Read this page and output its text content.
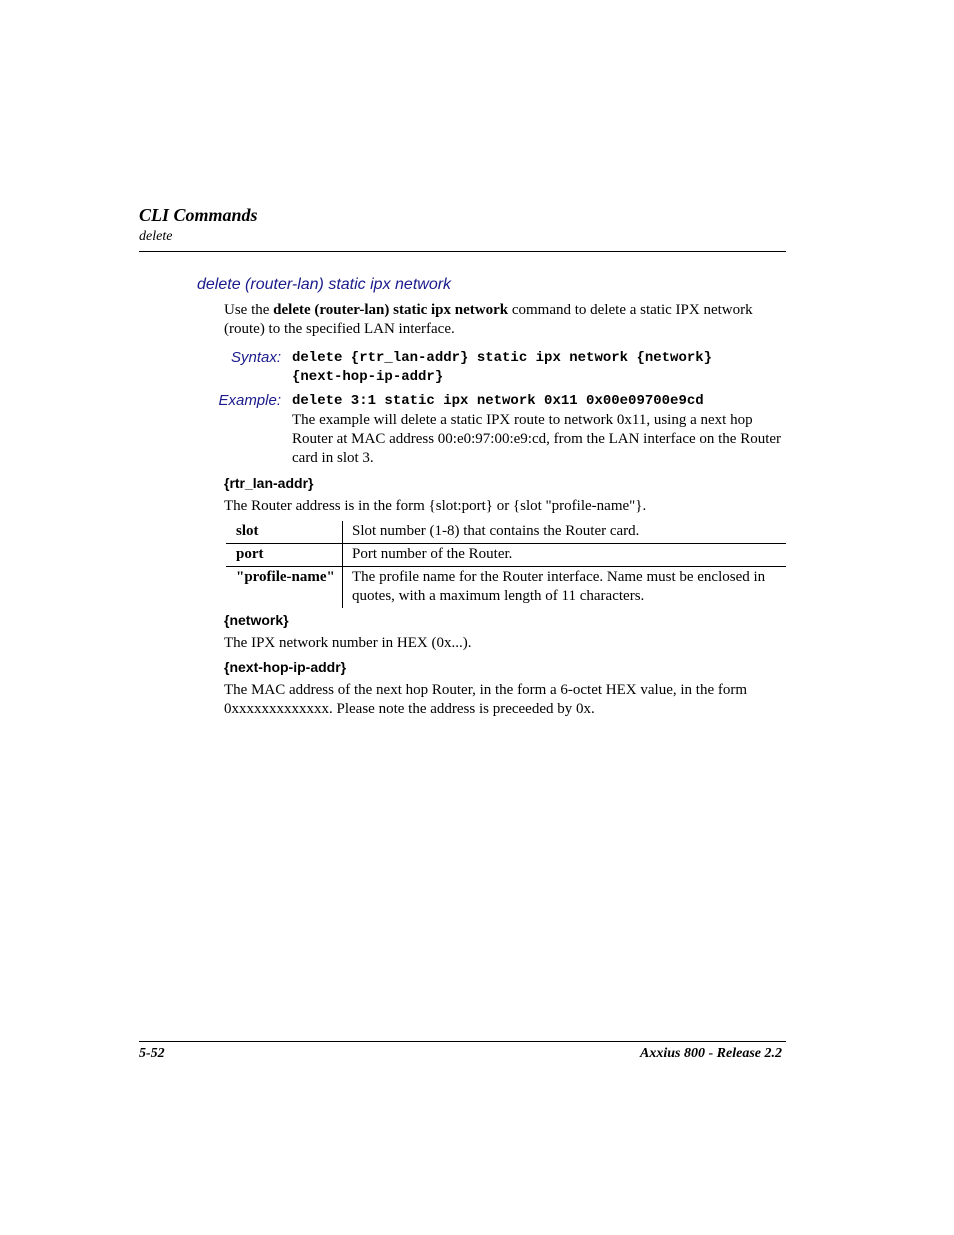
CLI Commands
delete
delete (router-lan) static ipx network
Use the delete (router-lan) static ipx network command to delete a static IPX network (route) to the specified LAN interface.
Syntax: delete {rtr_lan-addr} static ipx network {network}
{next-hop-ip-addr}
Example: delete 3:1 static ipx network 0x11 0x00e09700e9cd
The example will delete a static IPX route to network 0x11, using a next hop Router at MAC address 00:e0:97:00:e9:cd, from the LAN interface on the Router card in slot 3.
{rtr_lan-addr}
The Router address is in the form {slot:port} or {slot "profile-name"}.
slot	Slot number (1-8) that contains the Router card.
port	Port number of the Router.
"profile-name"	The profile name for the Router interface. Name must be enclosed in quotes, with a maximum length of 11 characters.
{network}
The IPX network number in HEX (0x...).
{next-hop-ip-addr}
The MAC address of the next hop Router, in the form a 6-octet HEX value, in the form 0xxxxxxxxxxxxx. Please note the address is preceeded by 0x.
5-52	Axxius 800 - Release 2.2
